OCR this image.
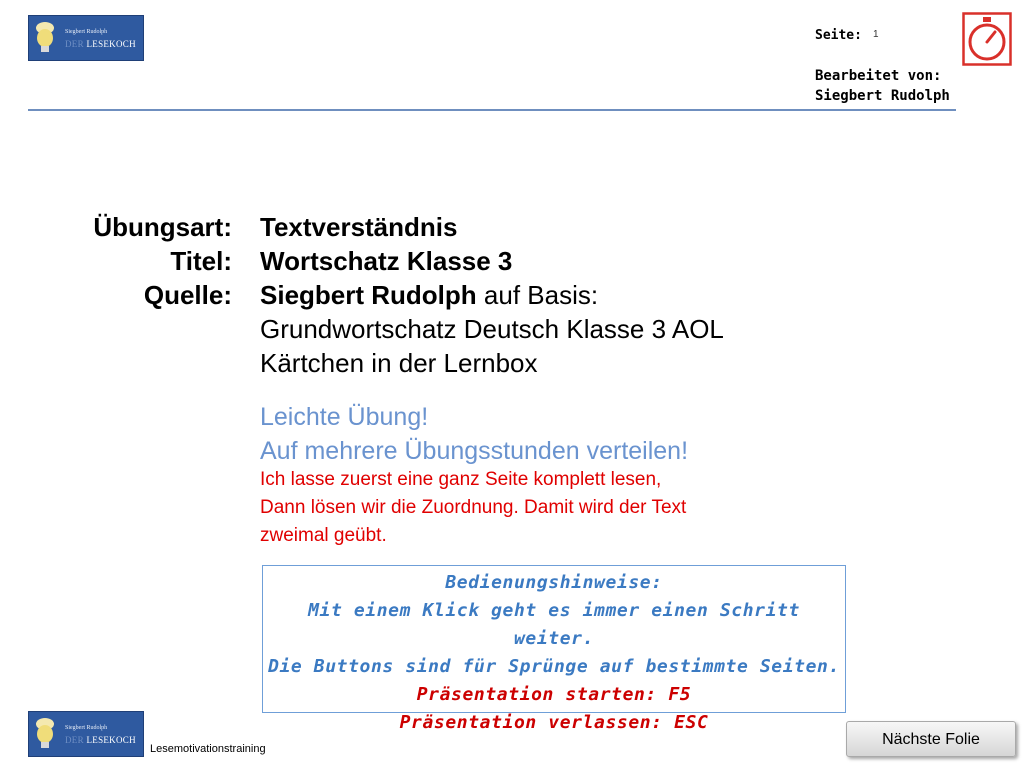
Siegbert Rudolph
DER LESEKOCH
Seite: 1
Bearbeitet von:
Siegbert Rudolph
Übungsart:
Titel:
Quelle:
Textverständnis
Wortschatz Klasse 3
Siegbert Rudolph auf Basis:
Grundwortschatz Deutsch Klasse 3 AOL
Kärtchen in der Lernbox
Leichte Übung!
Auf mehrere Übungsstunden verteilen!
Ich lasse zuerst eine ganz Seite komplett lesen,
Dann lösen wir die Zuordnung. Damit wird der Text
zweimal geübt.
Bedienungshinweise:
Mit einem Klick geht es immer einen Schritt weiter.
Die Buttons sind für Sprünge auf bestimmte Seiten.
Präsentation starten: F5
Präsentation verlassen: ESC
Siegbert Rudolph
DER LESEKOCH
Lesemotivationstraining
Nächste Folie
